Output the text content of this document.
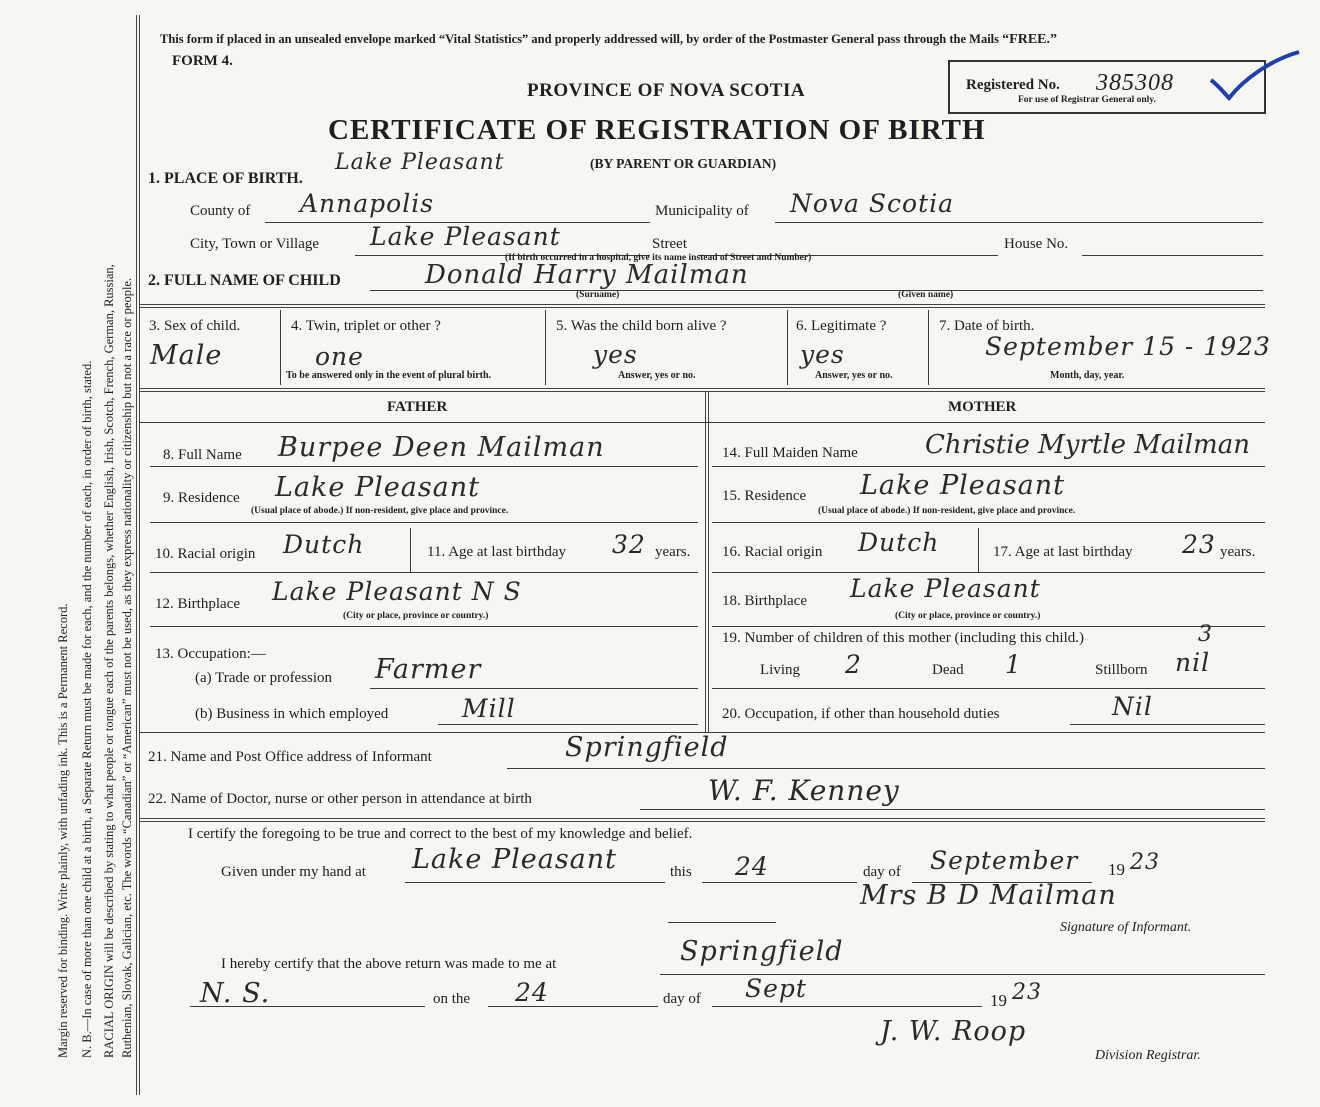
Margin reserved for binding. Write plainly, with unfading ink. This is a Permanent Record. N. B.—In case of more than one child at a birth, a Separate Return must be made for each, and the number of each, in order of birth, stated. RACIAL ORIGIN will be described by stating to what people or tongue each of the parents belongs, whether English, Irish, Scotch, French, German, Russian, Ruthenian, Slovak, Galician, etc. The words “Canadian” or “American” must not be used, as they express nationality or citizenship but not a race or people.
This form if placed in an unsealed envelope marked “Vital Statistics” and properly addressed will, by order of the Postmaster General pass through the Mails “FREE.”
FORM 4.
PROVINCE OF NOVA SCOTIA
CERTIFICATE OF REGISTRATION OF BIRTH
Registered No. 385308
For use of Registrar General only.
1. PLACE OF BIRTH.
Lake Pleasant	(BY PARENT OR GUARDIAN)
County of Annapolis	Municipality of Nova Scotia
City, Town or Village Lake Pleasant	Street	House No.
(If birth occurred in a hospital, give its name instead of Street and Number)
2. FULL NAME OF CHILD	Donald Harry Mailman
(Surname)	(Given name)
3. Sex of child.
Male
4. Twin, triplet or other ?
one
To be answered only in the event of plural birth.
5. Was the child born alive ?
yes
Answer, yes or no.
6. Legitimate ?
yes
Answer, yes or no.
7. Date of birth.
September 15 - 1923
Month, day, year.
FATHER	MOTHER
8. Full Name Burpee Deen Mailman
9. Residence Lake Pleasant
(Usual place of abode.) If non-resident, give place and province.
10. Racial origin Dutch	11. Age at last birthday 32 years.
12. Birthplace Lake Pleasant N S
(City or place, province or country.)
13. Occupation:—
(a) Trade or profession Farmer
(b) Business in which employed	Mill
14. Full Maiden Name	Christie Myrtle Mailman
15. Residence Lake Pleasant
(Usual place of abode.) If non-resident, give place and province.
16. Racial origin Dutch	17. Age at last birthday 23 years.
18. Birthplace Lake Pleasant
(City or place, province or country.)
19. Number of children of this mother (including this child.)	3
Living 2	Dead 1	Stillborn nil
20. Occupation, if other than household duties	Nil
21. Name and Post Office address of Informant	Springfield
22. Name of Doctor, nurse or other person in attendance at birth	W. F. Kenney
I certify the foregoing to be true and correct to the best of my knowledge and belief.
Given under my hand at Lake Pleasant	this 24	day of September 19 23
Mrs B D Mailman
Signature of Informant.
I hereby certify that the above return was made to me at	Springfield
N. S.	on the 24	day of Sept	19 23
J. W. Roop
Division Registrar.
